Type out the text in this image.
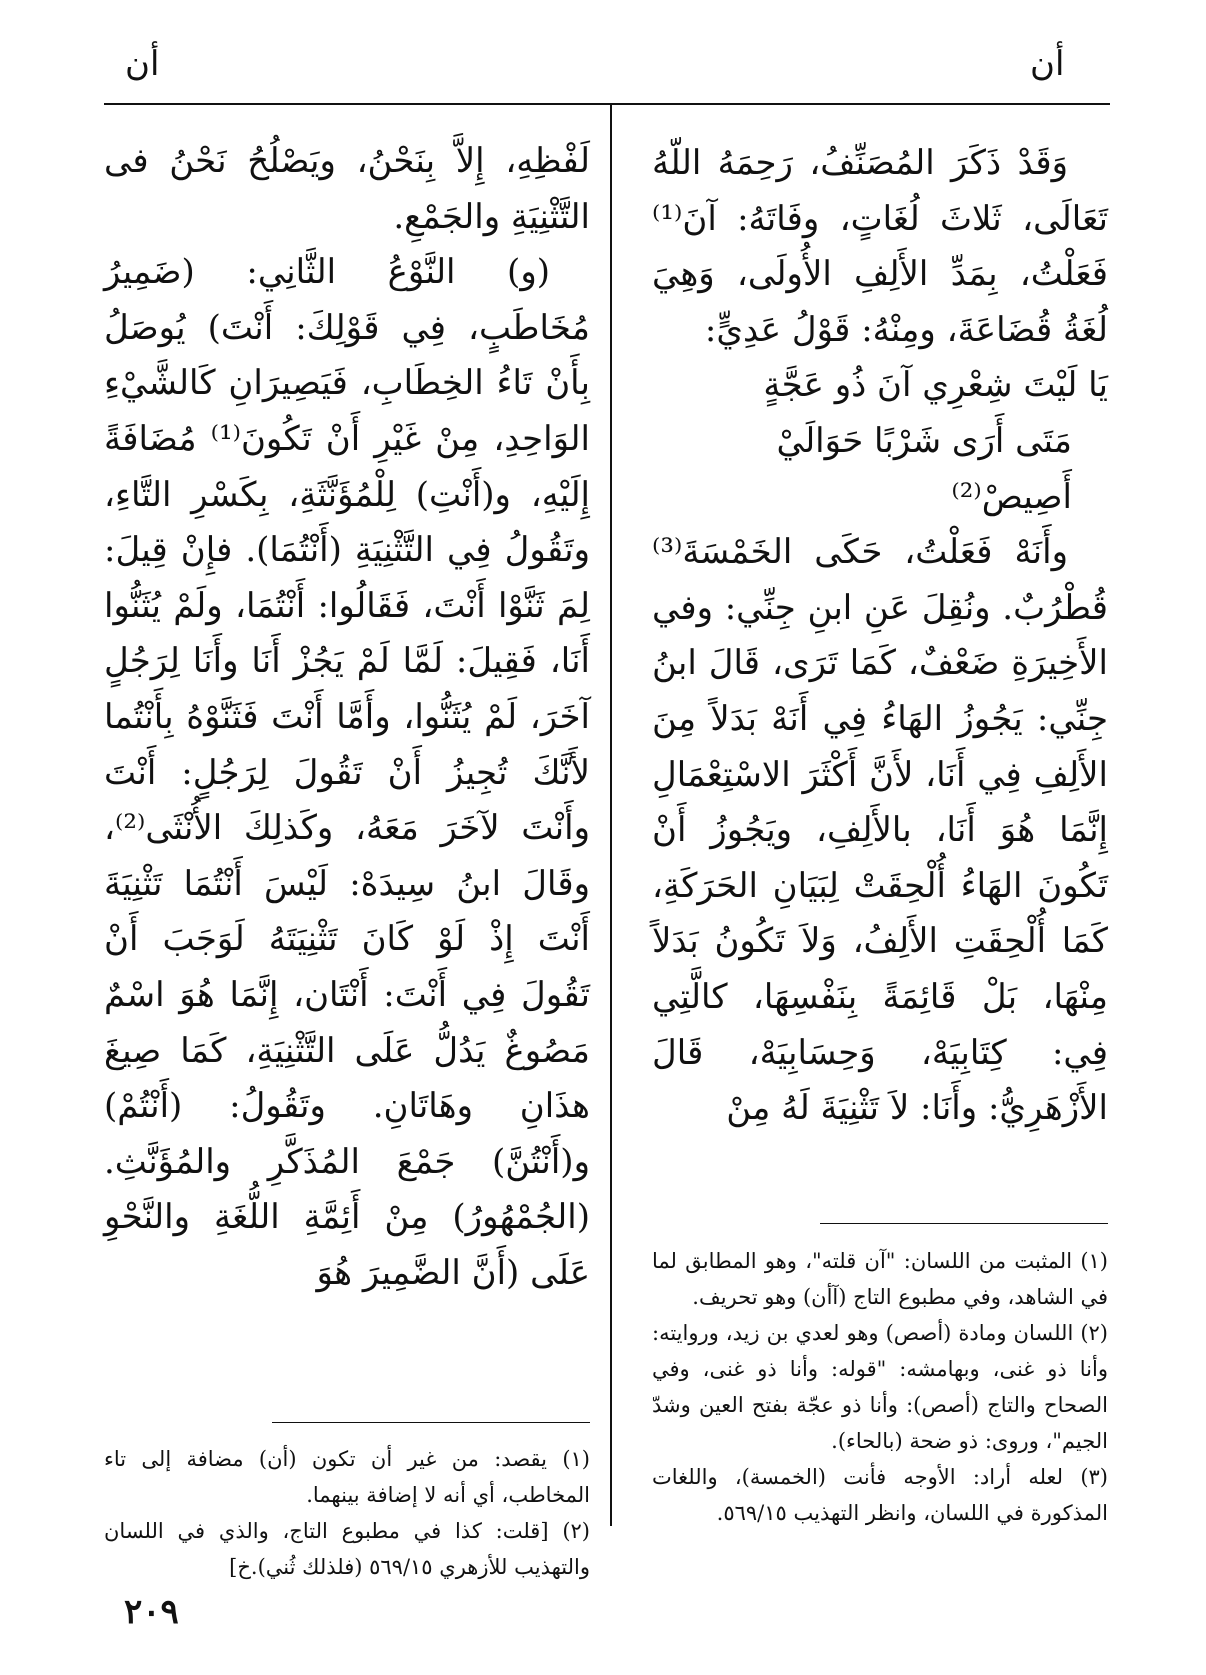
أن
أن

وَقَدْ ذَكَرَ المُصَنِّفُ، رَحِمَهُ اللّهُ تَعَالَى، ثَلاثَ لُغَاتٍ، وفَاتَهُ: آنَ⁽¹⁾ فَعَلْتُ، بِمَدِّ الأَلِفِ الأُولَى، وَهِيَ لُغَةُ قُضَاعَةَ، ومِنْهُ: قَوْلُ عَدِيٍّ:

يَا لَيْتَ شِعْرِي آنَ ذُو عَجَّةٍ
مَتَى أَرَى شَرْبًا حَوَالَيْ أَصِيصْ⁽²⁾

وأَنَهْ فَعَلْتُ، حَكَى الخَمْسَةَ⁽³⁾ قُطْرُبٌ. ونُقِلَ عَنِ ابنِ جِنِّي: وفي الأَخِيرَةِ ضَعْفٌ، كَمَا تَرَى، قَالَ ابنُ جِنِّي: يَجُوزُ الهَاءُ فِي أَنَهْ بَدَلاً مِنَ الأَلِفِ فِي أَنَا، لأَنَّ أَكْثَرَ الاسْتِعْمَالِ إِنَّمَا هُوَ أَنَا، بالأَلِفِ، ويَجُوزُ أَنْ تَكُونَ الهَاءُ أُلْحِقَتْ لِبَيَانِ الحَرَكَةِ، كَمَا أُلْحِقَتِ الأَلِفُ، وَلاَ تَكُونُ بَدَلاً مِنْهَا، بَلْ قَائِمَةً بِنَفْسِهَا، كالَّتِي فِي: كِتَابِيَهْ، وَحِسَابِيَهْ، قَالَ الأَزْهَرِيُّ: وأَنَا: لاَ تَثْنِيَةَ لَهُ مِنْ

لَفْظِهِ، إِلاَّ بِنَحْنُ، ويَصْلُحُ نَحْنُ فى التَّثْنِيَةِ والجَمْعِ.

(و) النَّوْعُ الثَّانِي: (ضَمِيرُ مُخَاطَبٍ، فِي قَوْلِكَ: أَنْتَ) يُوصَلُ بِأَنْ تَاءُ الخِطَابِ، فَيَصِيرَانِ كَالشَّيْءِ الوَاحِدِ، مِنْ غَيْرِ أَنْ تَكُونَ⁽¹⁾ مُضَافَةً إِلَيْهِ، و(أَنْتِ) لِلْمُؤَنَّثَةِ، بِكَسْرِ التَّاءِ، وتَقُولُ فِي التَّثْنِيَةِ (أَنْتُمَا). فإِنْ قِيلَ: لِمَ ثَنَّوْا أَنْتَ، فَقَالُوا: أَنْتُمَا، ولَمْ يُثَنُّوا أَنَا، فَقِيلَ: لَمَّا لَمْ يَجُزْ أَنَا وأَنَا لِرَجُلٍ آخَرَ، لَمْ يُثَنُّوا، وأَمَّا أَنْتَ فَثَنَّوْهُ بِأَنْتُما لأَنَّكَ تُجِيزُ أَنْ تَقُولَ لِرَجُلٍ: أَنْتَ وأَنْتَ لآخَرَ مَعَهُ، وكَذلِكَ الأُنْثَى⁽²⁾، وقَالَ ابنُ سِيدَهْ: لَيْسَ أَنْتُمَا تَثْنِيَةَ أَنْتَ إِذْ لَوْ كَانَ تَثْنِيَتَهُ لَوَجَبَ أَنْ تَقُولَ فِي أَنْتَ: أَنْتَان، إِنَّمَا هُوَ اسْمٌ مَصُوغٌ يَدُلُّ عَلَى التَّثْنِيَةِ، كَمَا صِيغَ هذَانِ وهَاتَانِ. وتَقُولُ: (أَنْتُمْ) و(أَنْتُنَّ) جَمْعَ المُذَكَّرِ والمُؤَنَّثِ. (الجُمْهُورُ) مِنْ أَئِمَّةِ اللُّغَةِ والنَّحْوِ عَلَى (أَنَّ الضَّمِيرَ هُوَ	(١) المثبت من اللسان: "آن قلته"، وهو المطابق لما في الشاهد، وفي مطبوع التاج (آأن) وهو تحريف.

(٢) اللسان ومادة (أصص) وهو لعدي بن زيد، وروايته: وأنا ذو غنى، وبهامشه: "قوله: وأنا ذو غنى، وفي الصحاح والتاج (أصص): وأنا ذو عجّة بفتح العين وشدّ الجيم"، وروى: ذو ضحة (بالحاء).

(٣) لعله أراد: الأوجه فأنت (الخمسة)، واللغات المذكورة في اللسان، وانظر التهذيب ٥٦٩/١٥.

(١) يقصد: من غير أن تكون (أن) مضافة إلى تاء المخاطب، أي أنه لا إضافة بينهما.

(٢) [قلت: كذا في مطبوع التاج، والذي في اللسان والتهذيب للأزهري ٥٦٩/١٥ (فلذلك ثُني).خ]

٢٠٩
